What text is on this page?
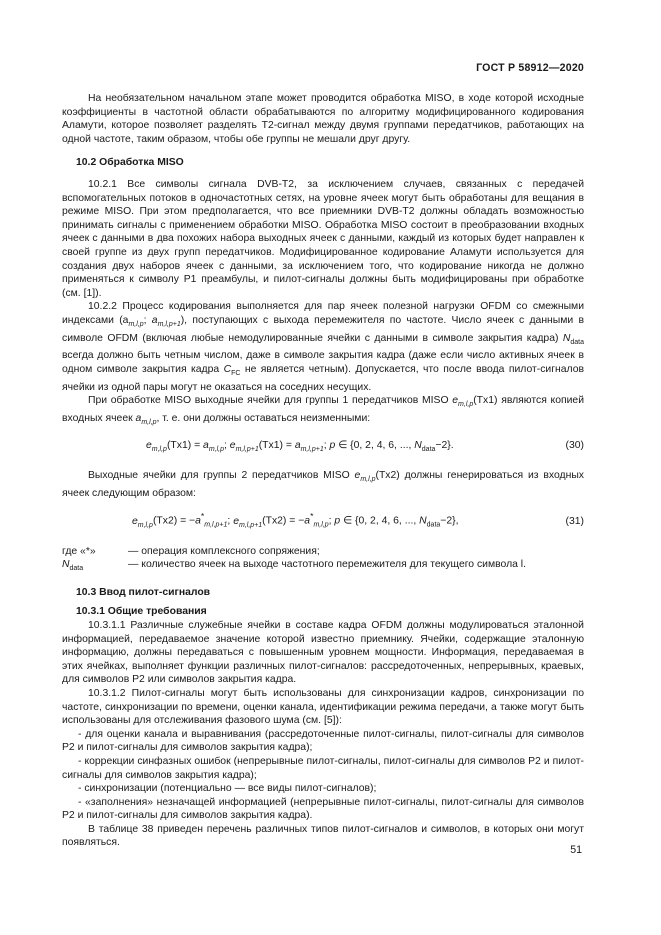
ГОСТ Р 58912—2020

На необязательном начальном этапе может проводится обработка MISO, в ходе которой исходные коэффициенты в частотной области обрабатываются по алгоритму модифицированного кодирования Аламути, которое позволяет разделять Т2-сигнал между двумя группами передатчиков, работающих на одной частоте, таким образом, чтобы обе группы не мешали друг другу.

10.2 Обработка MISO

10.2.1 Все символы сигнала DVB-T2, за исключением случаев, связанных с передачей вспомогательных потоков в одночастотных сетях, на уровне ячеек могут быть обработаны для вещания в режиме MISO. При этом предполагается, что все приемники DVB-T2 должны обладать возможностью принимать сигналы с применением обработки MISO. Обработка MISO состоит в преобразовании входных ячеек с данными в два похожих набора выходных ячеек с данными, каждый из которых будет направлен к своей группе из двух групп передатчиков. Модифицированное кодирование Аламути используется для создания двух наборов ячеек с данными, за исключением того, что кодирование никогда не должно применяться к символу P1 преамбулы, и пилот-сигналы должны быть модифицированы при обработке (см. [1]).

10.2.2 Процесс кодирования выполняется для пар ячеек полезной нагрузки OFDM со смежными индексами ($a_{m,l,p}$; $a_{m,l,p+1}$), поступающих с выхода перемежителя по частоте. Число ячеек с данными в символе OFDM (включая любые немодулированные ячейки с данными в символе закрытия кадра) $N_{data}$ всегда должно быть четным числом, даже в символе закрытия кадра (даже если число активных ячеек в одном символе закрытия кадра $C_{FC}$ не является четным). Допускается, что после ввода пилот-сигналов ячейки из одной пары могут не оказаться на соседних несущих.

При обработке MISO выходные ячейки для группы 1 передатчиков MISO $e_{m,l,p}(Tx1)$ являются копией входных ячеек $a_{m,l,p}$, т. е. они должны оставаться неизменными:

$e_{m,l,p}(Tx1) = a_{m,l,p}$; $e_{m,l,p+1}(Tx1) = a_{m,l,p+1}$; p ∈ {0, 2, 4, 6, ..., $N_{data}-2$}.	(30)

Выходные ячейки для группы 2 передатчиков MISO $e_{m,l,p}(Tx2)$ должны генерироваться из входных ячеек следующим образом:

$e_{m,l,p}(Tx2) = -a^*_{m,l,p+1}$; $e_{m,l,p+1}(Tx2) = -a^*_{m,l,p}$; p ∈ {0, 2, 4, 6, ..., $N_{data}-2$},	(31)
где «*»	— операция комплексного сопряжения;
$N_{data}$	— количество ячеек на выходе частотного перемежителя для текущего символа l.
10.3 Ввод пилот-сигналов
10.3.1 Общие требования

10.3.1.1 Различные служебные ячейки в составе кадра OFDM должны модулироваться эталонной информацией, передаваемое значение которой известно приемнику. Ячейки, содержащие эталонную информацию, должны передаваться с повышенным уровнем мощности. Информация, передаваемая в этих ячейках, выполняет функции различных пилот-сигналов: рассредоточенных, непрерывных, краевых, для символов P2 или символов закрытия кадра.

10.3.1.2 Пилот-сигналы могут быть использованы для синхронизации кадров, синхронизации по частоте, синхронизации по времени, оценки канала, идентификации режима передачи, а также могут быть использованы для отслеживания фазового шума (см. [5]):

- для оценки канала и выравнивания (рассредоточенные пилот-сигналы, пилот-сигналы для символов P2 и пилот-сигналы для символов закрытия кадра);

- коррекции синфазных ошибок (непрерывные пилот-сигналы, пилот-сигналы для символов P2 и пилот-сигналы для символов закрытия кадра);

- синхронизации (потенциально — все виды пилот-сигналов);

- «заполнения» незначащей информацией (непрерывные пилот-сигналы, пилот-сигналы для символов P2 и пилот-сигналы для символов закрытия кадра).

В таблице 38 приведен перечень различных типов пилот-сигналов и символов, в которых они могут появляться.

51
